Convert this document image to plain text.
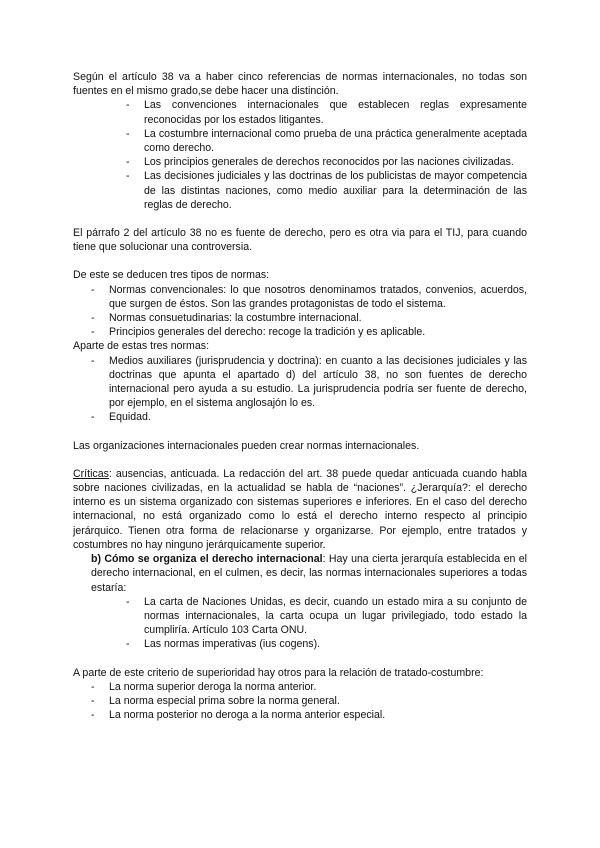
Según el artículo 38 va a haber cinco referencias de normas internacionales, no todas son fuentes en el mismo grado,se debe hacer una distinción.

- Las convenciones internacionales que establecen reglas expresamente reconocidas por los estados litigantes.
- La costumbre internacional como prueba de una práctica generalmente aceptada como derecho.
- Los principios generales de derechos reconocidos por las naciones civilizadas.
- Las decisiones judiciales y las doctrinas de los publicistas de mayor competencia de las distintas naciones, como medio auxiliar para la determinación de las reglas de derecho.

El párrafo 2 del artículo 38 no es fuente de derecho, pero es otra via para el TIJ, para cuando tiene que solucionar una controversia.

De este se deducen tres tipos de normas:

- Normas convencionales: lo que nosotros denominamos tratados, convenios, acuerdos, que surgen de éstos. Son las grandes protagonistas de todo el sistema.
- Normas consuetudinarias: la costumbre internacional.
- Principios generales del derecho: recoge la tradición y es aplicable.

Aparte de estas tres normas:

- Medios auxiliares (jurisprudencia y doctrina): en cuanto a las decisiones judiciales y las doctrinas que apunta el apartado d) del artículo 38, no son fuentes de derecho internacional pero ayuda a su estudio. La jurisprudencia podría ser fuente de derecho, por ejemplo, en el sistema anglosajón lo es.
- Equidad.

Las organizaciones internacionales pueden crear normas internacionales.

Críticas: ausencias, anticuada. La redacción del art. 38 puede quedar anticuada cuando habla sobre naciones civilizadas, en la actualidad se habla de “naciones”. ¿Jerarquía?: el derecho interno es un sistema organizado con sistemas superiores e inferiores. En el caso del derecho internacional, no está organizado como lo está el derecho interno respecto al principio jerárquico. Tienen otra forma de relacionarse y organizarse. Por ejemplo, entre tratados y costumbres no hay ninguno jerárquicamente superior.

b) Cómo se organiza el derecho internacional: Hay una cierta jerarquía establecida en el derecho internacional, en el culmen, es decir, las normas internacionales superiores a todas estaría:

- La carta de Naciones Unidas, es decir, cuando un estado mira a su conjunto de normas internacionales, la carta ocupa un lugar privilegiado, todo estado la cumpliría. Artículo 103 Carta ONU.
- Las normas imperativas (ius cogens).

A parte de este criterio de superioridad hay otros para la relación de tratado-costumbre:

- La norma superior deroga la norma anterior.
- La norma especial prima sobre la norma general.
- La norma posterior no deroga a la norma anterior especial.
